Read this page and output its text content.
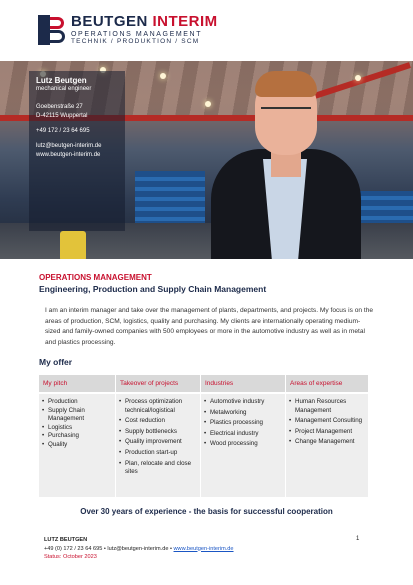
BEUTGEN INTERIM
OPERATIONS MANAGEMENT
TECHNIK / PRODUKTION / SCM
Lutz Beutgen
mechanical engineer
Goebenstraße 27
D-42115 Wuppertal
+49 172 / 23 64 695
lutz@beutgen-interim.de
www.beutgen-interim.de
OPERATIONS MANAGEMENT
Engineering, Production and Supply Chain Management
I am an interim manager and take over the management of plants, departments, and projects. My focus is on the areas of production, SCM, logistics, quality and purchasing. My clients are internationally operating medium-sized and family-owned companies with 500 employees or more in the automotive industry as well as in metal and plastics processing.
My offer
My pitch
• Production
• Supply Chain Management
• Logistics
• Purchasing
• Quality
Takeover of projects
• Process optimization technical/logistical
• Cost reduction
• Supply bottlenecks
• Quality improvement
• Production start-up
• Plan, relocate and close sites
Industries
• Automotive industry
• Metalworking
• Plastics processing
• Electrical industry
• Wood processing
Areas of expertise
• Human Resources Management
• Management Consulting
• Project Management
• Change Management
Over 30 years of experience - the basis for successful cooperation
LUTZ BEUTGEN
+49 (0) 172 / 23 64 695 • lutz@beutgen-interim.de • www.beutgen-interim.de
Status: October 2023
1
